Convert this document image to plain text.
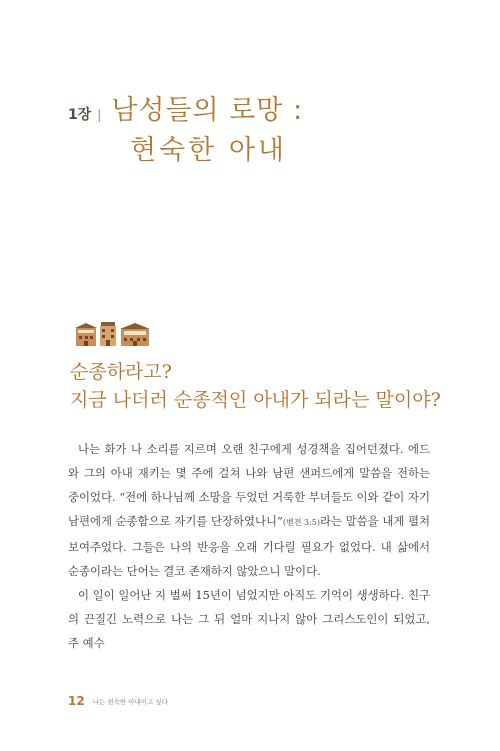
1장 | 남성들의 로망 :
현숙한 아내
순종하라고?
지금 나더러 순종적인 아내가 되라는 말이야?

나는 화가 나 소리를 지르며 오랜 친구에게 성경책을 집어던졌다. 에드와 그의 아내 재키는 몇 주에 걸쳐 나와 남편 샌퍼드에게 말씀을 전하는 중이었다. “전에 하나님께 소망을 두었던 거룩한 부녀들도 이와 같이 자기 남편에게 순종함으로 자기를 단장하였나니”(벧전 3:5)라는 말씀을 내게 펼쳐 보여주었다. 그들은 나의 반응을 오래 기다릴 필요가 없었다. 내 삶에서 순종이라는 단어는 결코 존재하지 않았으니 말이다.

이 일이 일어난 지 벌써 15년이 넘었지만 아직도 기억이 생생하다. 친구의 끈질긴 노력으로 나는 그 뒤 얼마 지나지 않아 그리스도인이 되었고, 주 예수

12 나는 현숙한 아내이고 싶다
